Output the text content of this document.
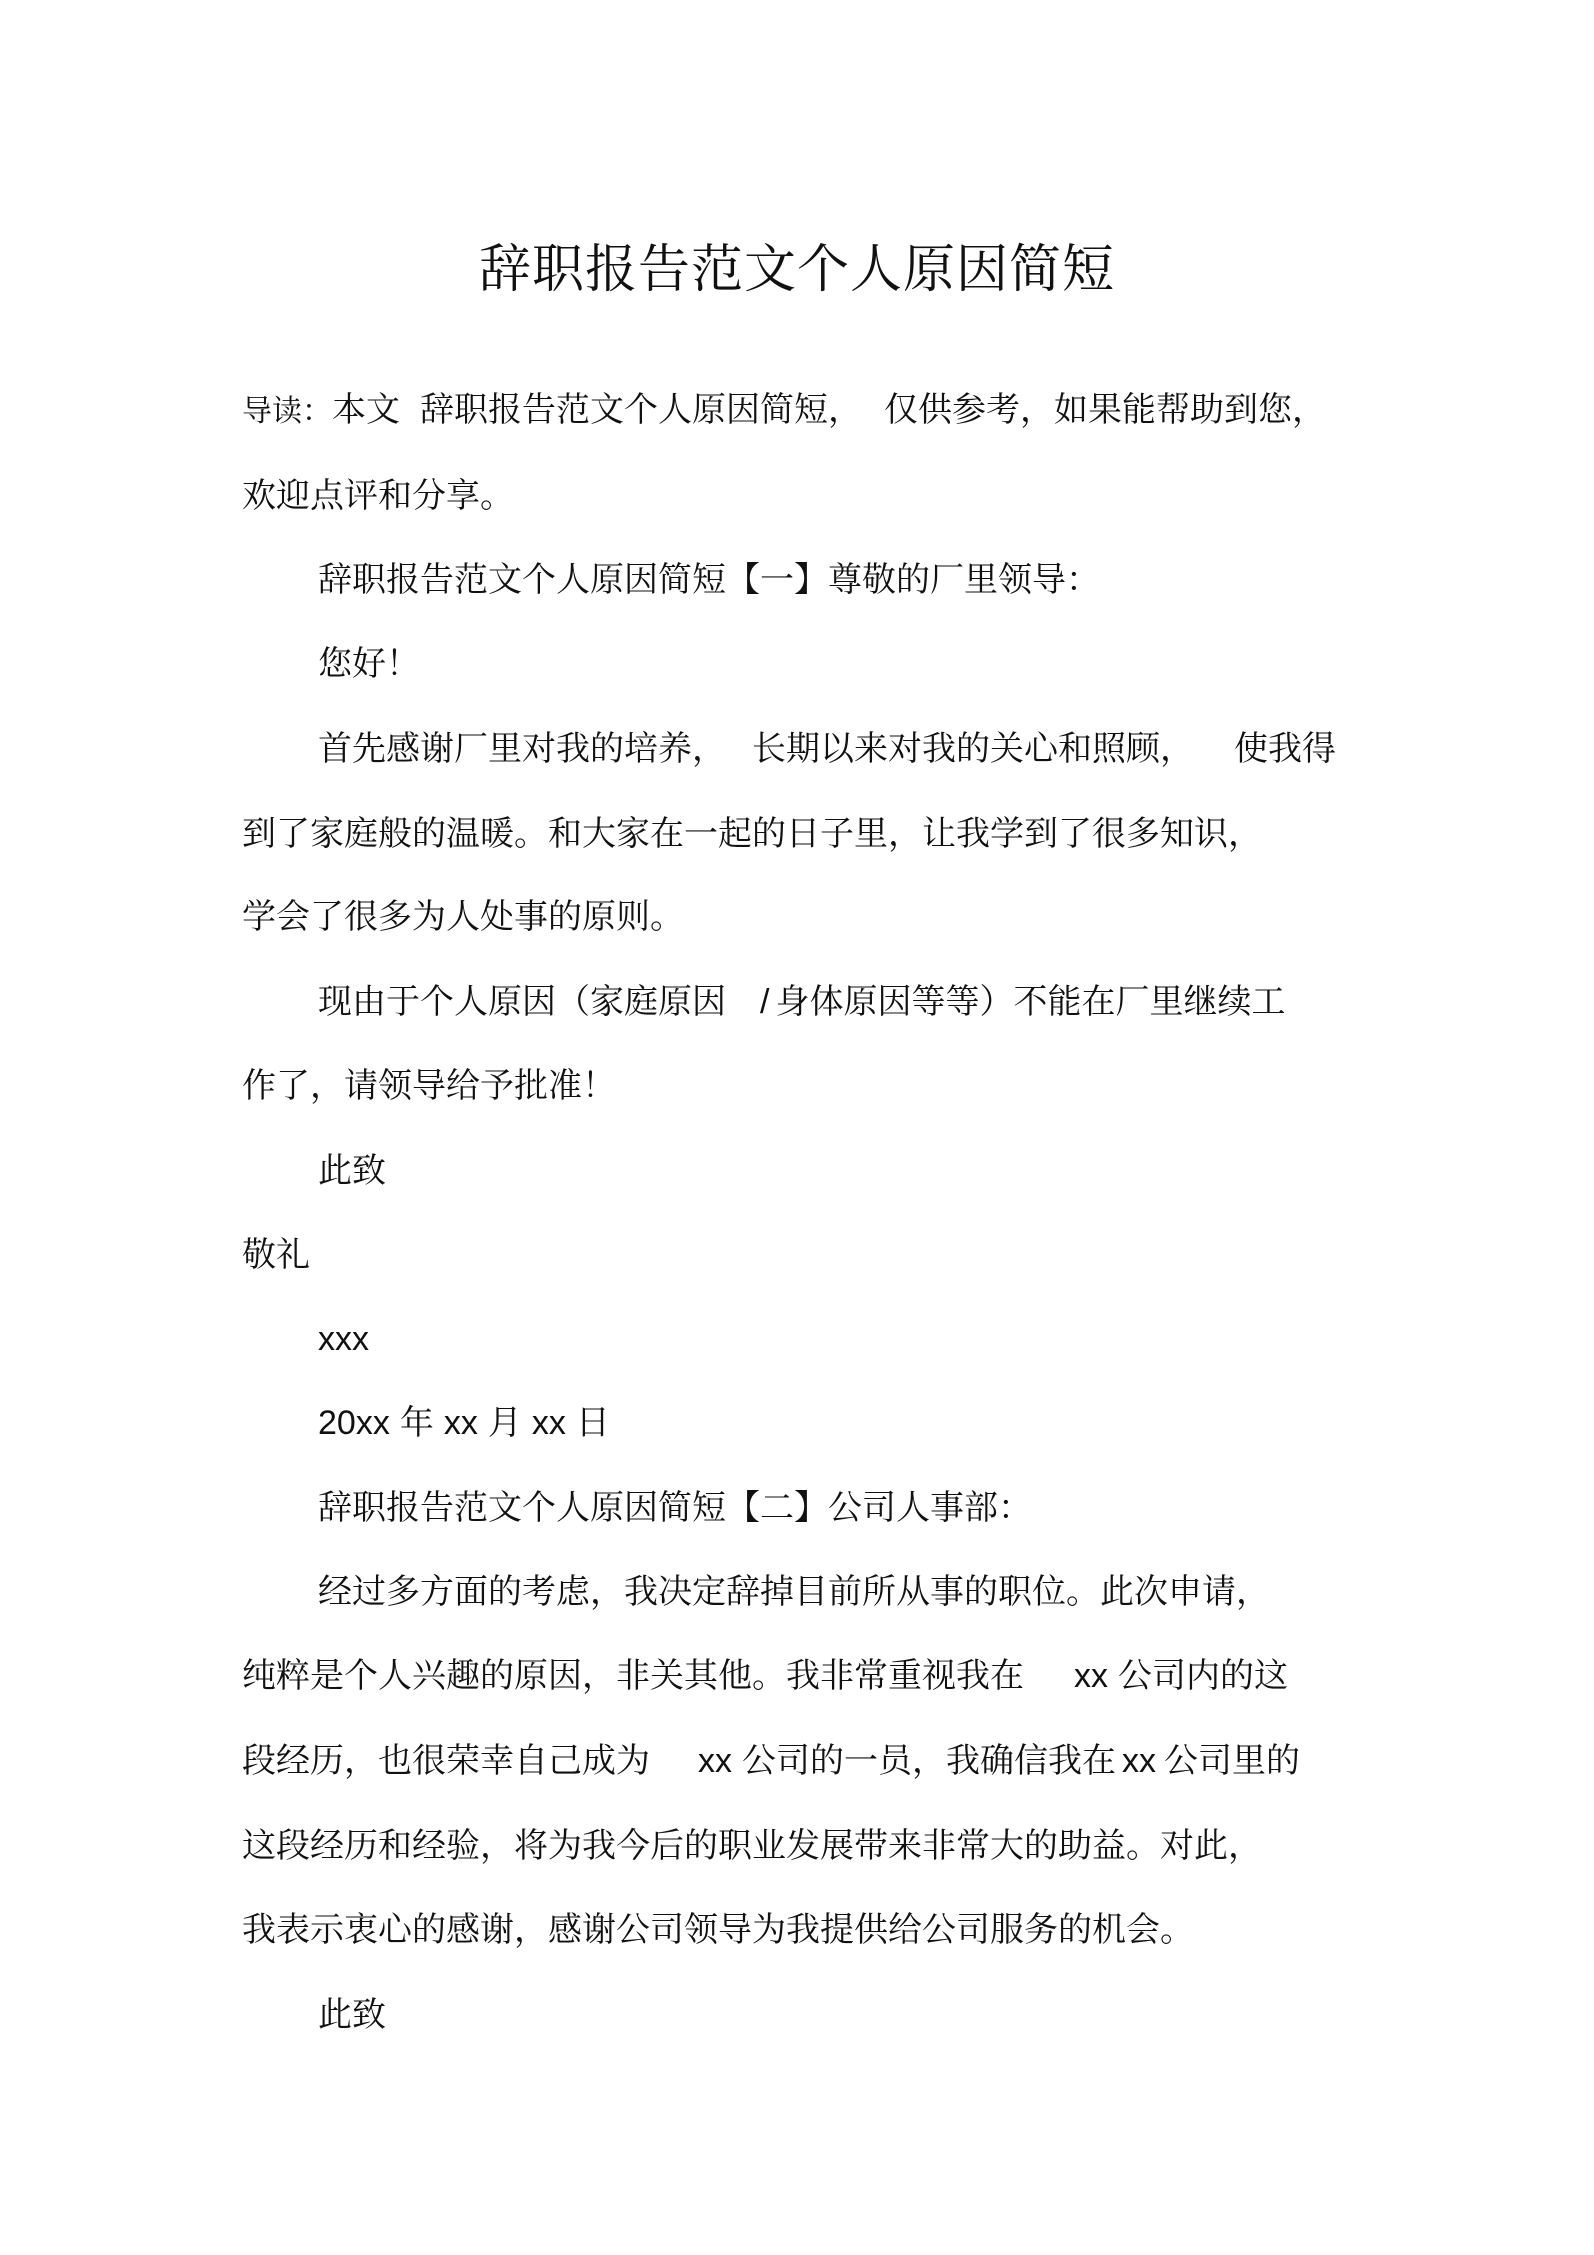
辞职报告范文个人原因简短
导读：本文 辞职报告范文个人原因简短， 仅供参考，如果能帮助到您，
欢迎点评和分享。
辞职报告范文个人原因简短【一】尊敬的厂里领导：
您好！
首先感谢厂里对我的培养， 长期以来对我的关心和照顾， 使我得
到了家庭般的温暖。和大家在一起的日子里，让我学到了很多知识，
学会了很多为人处事的原则。
现由于个人原因（家庭原因 / 身体原因等等）不能在厂里继续工
作了，请领导给予批准！
此致
敬礼
xxx
20xx 年 xx 月 xx 日
辞职报告范文个人原因简短【二】公司人事部：
经过多方面的考虑，我决定辞掉目前所从事的职位。此次申请，
纯粹是个人兴趣的原因，非关其他。我非常重视我在 xx 公司内的这
段经历，也很荣幸自己成为 xx 公司的一员，我确信我在 xx 公司里的
这段经历和经验，将为我今后的职业发展带来非常大的助益。对此，
我表示衷心的感谢，感谢公司领导为我提供给公司服务的机会。
此致
